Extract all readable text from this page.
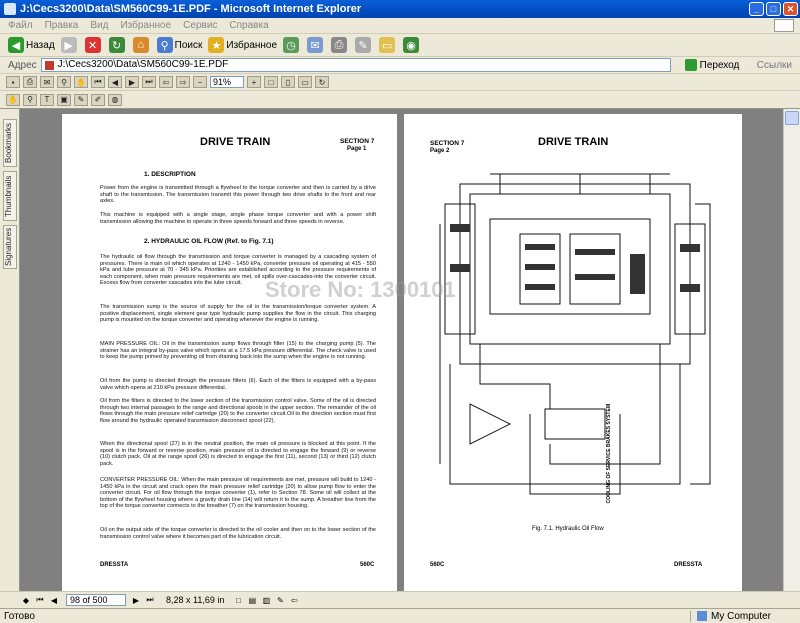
J:\Cecs3200\Data\SM560C99-1E.PDF - Microsoft Internet Explorer	_	□	✕
Файл Правка Вид Избранное Сервис Справка
◀ Назад ▶	✕	↻	⌂	⚲ Поиск ★ Избранное ◷	✉	⎙	✎	▭ ◉
Адрес	J:\Cecs3200\Data\SM560C99-1E.PDF	Переход Ссылки
▪	⎙	✉	⚲	✋	⏮	◀	▶	⏭	⇦	⇨	−	91%	+	□	▯	▭	↻
✋	⚲	T	▣	✎	✐	◍
Bookmarks
Thumbnails
Signatures
DRIVE TRAIN	SECTION 7
Page 1
1. DESCRIPTION
Power from the engine is transmitted through a flywheel to the torque converter and then is carried by a drive shaft to the transmission. The transmission transmit this power through two drive shafts to the front and rear axles.
This machine is equipped with a single stage, single phase torque converter and with a power shift transmission allowing the machine to operate in three speeds forward and three speeds in reverse.
2. HYDRAULIC OIL FLOW (Ref. to Fig. 7.1)
The hydraulic oil flow through the transmission and torque converter is managed by a cascading system of pressures. There is main oil which operates at 1240 - 1450 kPa, converter pressure oil operating at 415 - 550 kPa and lube pressure at 70 - 345 kPa. Priorities are established according to the pressure requirements of each component, when main pressure requirements are met, oil spills over-cascades-into the converter circuit. Excess flow from converter cascades into the lube circuit.
The transmission sump is the source of supply for the oil in the transmission/torque converter system. A positive displacement, single element gear type hydraulic pump supplies the flow in the circuit. This charging pump is mounted on the torque converter and operating whenever the engine is running.
MAIN PRESSURE OIL: Oil in the transmission sump flows through filter (15) to the charging pump (5). The strainer has an integral by-pass valve which opens at a 17.5 kPa pressure differential. The check valve is used to keep the pump primed by preventing oil from draining back into the sump when the engine is not running.
Oil from the pump is directed through the pressure filters (6). Each of the filters is equipped with a by-pass valve which opens at 210 kPa pressure differential.
Oil from the filters is directed to the lower section of the transmission control valve. Some of the oil is directed through two internal passages to the range and directional spools in the upper section. The remainder of the oil flows through the main pressure relief cartridge (20) to the converter circuit.Oil to the direction section must first flow around the hydraulic operated transmission disconnect spool (22).
When the directional spool (27) is in the neutral position, the main oil pressure is blocked at this point. If the spool is in the forward or reverse position, main pressure oil is directed to engage the forward (9) or reverse (10) clutch pack. Oil at the range spool (26) is directed to engage the first (11), second (13) or third (12) clutch pack.
CONVERTER PRESSURE OIL: When the main pressure oil requirements are met, pressure will build to 1240 - 1450 kPa in the circuit and crack open the main pressure relief cartridge (20) to allow pump flow to enter the converter circuit. For oil flow through the torque converter (1), refer to Section 78. Some oil will collect at the bottom of the flywheel housing where a gravity drain line (14) will return it to the sump. A breather line from the top of the torque converter connects to the breather (7) on the transmission housing.
Oil on the output side of the torque converter is directed to the oil cooler and then on to the lower section of the transmission control valve where it becomes part of the lubrication circuit.
DRESSTA	560C
SECTION 7
Page 2
DRIVE TRAIN
COOLING OF SERVICE BRAKES SYSTEM
Fig. 7.1. Hydraulic Oil Flow
560C	DRESSTA
Store No: 1300101
◆ ⏮ ◀	98 of 500	▶ ⏭ 8,28 x 11,69 in	□ ▤ ▥ ✎ ⇦
Готово	My Computer
